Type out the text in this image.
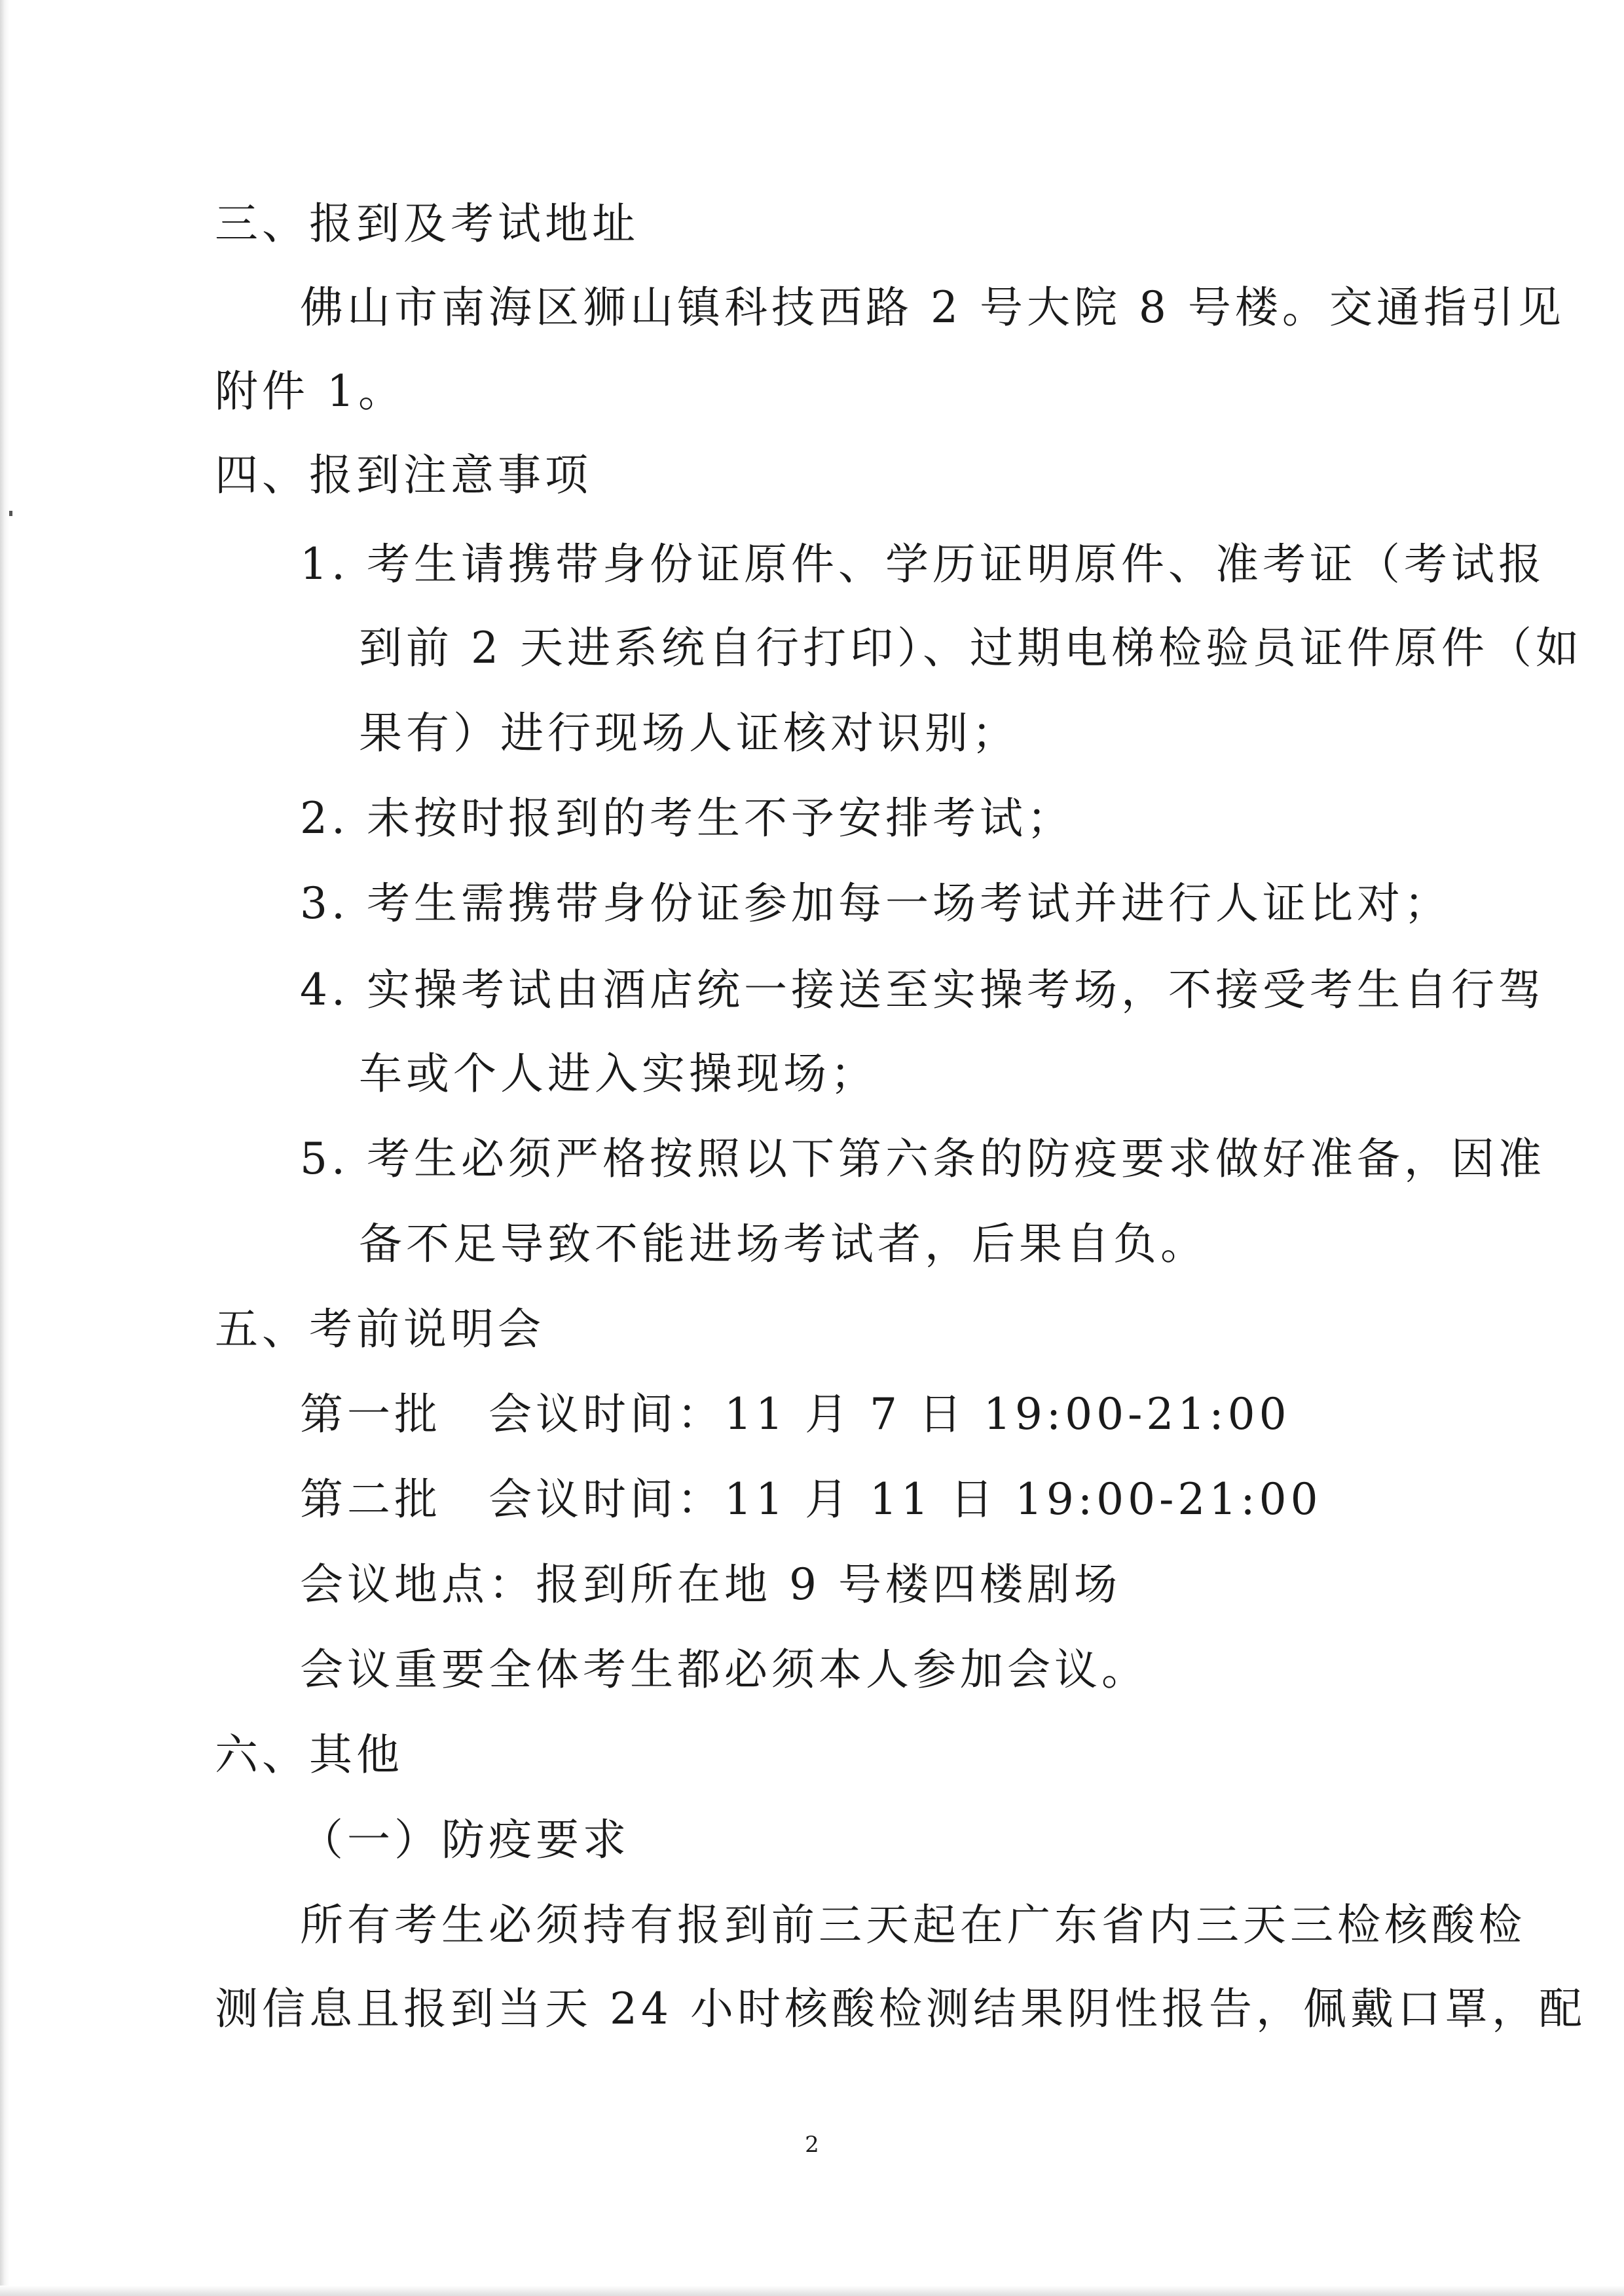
三、报到及考试地址
佛山市南海区狮山镇科技西路 2 号大院 8 号楼。交通指引见
附件 1。
四、报到注意事项
1. 考生请携带身份证原件、学历证明原件、准考证（考试报
到前 2 天进系统自行打印）、过期电梯检验员证件原件（如
果有）进行现场人证核对识别；
2. 未按时报到的考生不予安排考试；
3. 考生需携带身份证参加每一场考试并进行人证比对；
4. 实操考试由酒店统一接送至实操考场，不接受考生自行驾
车或个人进入实操现场；
5. 考生必须严格按照以下第六条的防疫要求做好准备，因准
备不足导致不能进场考试者，后果自负。
五、考前说明会
第一批　会议时间：11 月 7 日 19:00-21:00
第二批　会议时间：11 月 11 日 19:00-21:00
会议地点：报到所在地 9 号楼四楼剧场
会议重要全体考生都必须本人参加会议。
六、其他
（一）防疫要求
所有考生必须持有报到前三天起在广东省内三天三检核酸检
测信息且报到当天 24 小时核酸检测结果阴性报告，佩戴口罩，配
2
